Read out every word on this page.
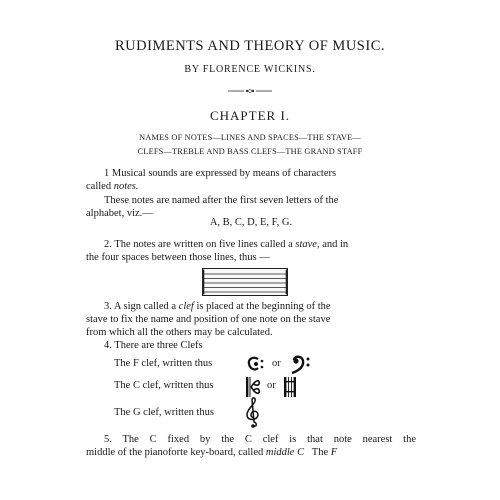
RUDIMENTS AND THEORY OF MUSIC.
BY FLORENCE WICKINS.
CHAPTER I.
NAMES OF NOTES—LINES AND SPACES—THE STAVE—
CLEFS—TREBLE AND BASS CLEFS—THE GRAND STAFF
1 Musical sounds are expressed by means of characters
called notes.
These notes are named after the first seven letters of the
alphabet, viz.—
A, B, C, D, E, F, G.
2. The notes are written on five lines called a stave, and in
the four spaces between those lines, thus —
3. A sign called a clef is placed at the beginning of the
stave to fix the name and position of one note on the stave
from which all the others may be calculated.
4. There are three Clefs
The F clef, written thus	or
The C clef, written thus	or
The G clef, written thus
5. The C fixed by the C clef is that note nearest the
middle of the pianoforte key-board, called middle C   The F
